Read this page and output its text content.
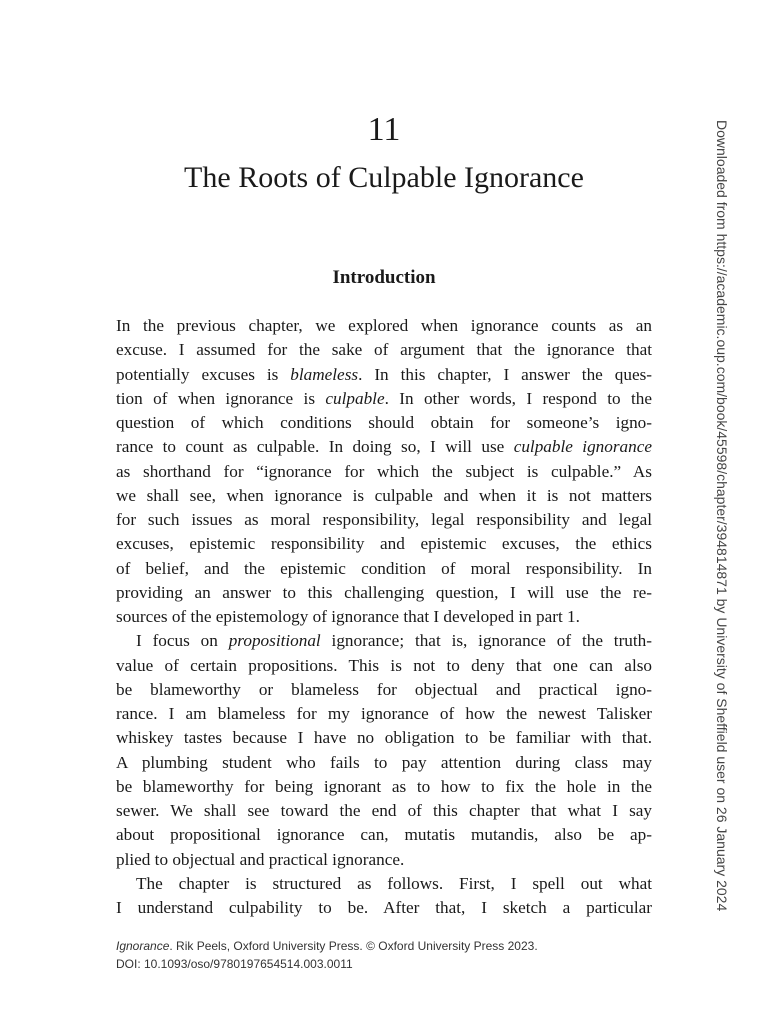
11
The Roots of Culpable Ignorance
Introduction
In the previous chapter, we explored when ignorance counts as an
excuse. I assumed for the sake of argument that the ignorance that
potentially excuses is blameless. In this chapter, I answer the ques-
tion of when ignorance is culpable. In other words, I respond to the
question of which conditions should obtain for someone’s igno-
rance to count as culpable. In doing so, I will use culpable ignorance
as shorthand for “ignorance for which the subject is culpable.” As
we shall see, when ignorance is culpable and when it is not matters
for such issues as moral responsibility, legal responsibility and legal
excuses, epistemic responsibility and epistemic excuses, the ethics
of belief, and the epistemic condition of moral responsibility. In
providing an answer to this challenging question, I will use the re-
sources of the epistemology of ignorance that I developed in part 1.
I focus on propositional ignorance; that is, ignorance of the truth-
value of certain propositions. This is not to deny that one can also
be blameworthy or blameless for objectual and practical igno-
rance. I am blameless for my ignorance of how the newest Talisker
whiskey tastes because I have no obligation to be familiar with that.
A plumbing student who fails to pay attention during class may
be blameworthy for being ignorant as to how to fix the hole in the
sewer. We shall see toward the end of this chapter that what I say
about propositional ignorance can, mutatis mutandis, also be ap-
plied to objectual and practical ignorance.
The chapter is structured as follows. First, I spell out what
I understand culpability to be. After that, I sketch a particular
Ignorance. Rik Peels, Oxford University Press. © Oxford University Press 2023.
DOI: 10.1093/oso/9780197654514.003.0011
Downloaded from https://academic.oup.com/book/45598/chapter/394814871 by University of Sheffield user on 26 January 2024
